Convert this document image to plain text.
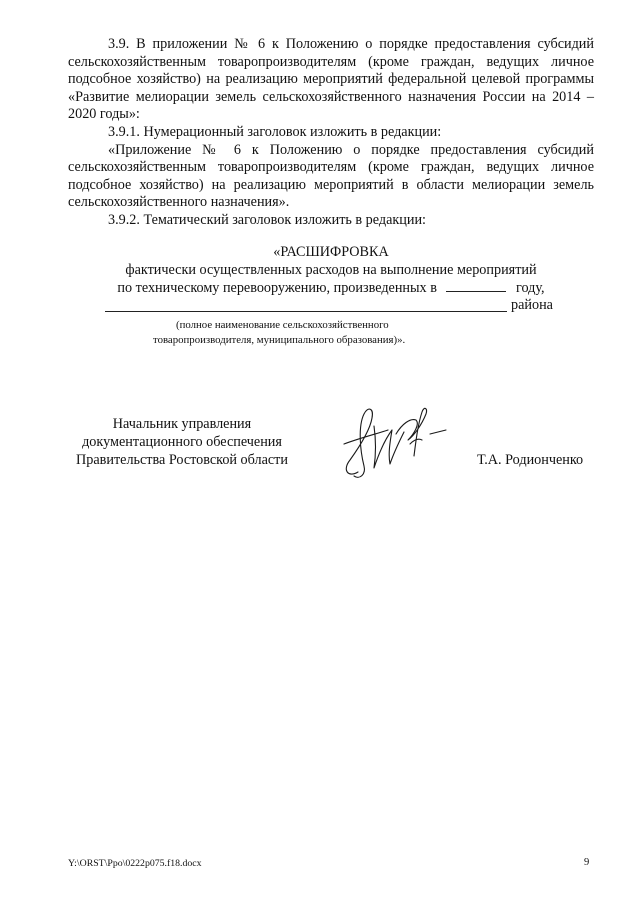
3.9. В приложении № 6 к Положению о порядке предоставления субсидий сельскохозяйственным товаропроизводителям (кроме граждан, ведущих личное подсобное хозяйство) на реализацию мероприятий федеральной целевой программы «Развитие мелиорации земель сельскохозяйственного назначения России на 2014 – 2020 годы»:

3.9.1. Нумерационный заголовок изложить в редакции:

«Приложение № 6 к Положению о порядке предоставления субсидий сельскохозяйственным товаропроизводителям (кроме граждан, ведущих личное подсобное хозяйство) на реализацию мероприятий в области мелиорации земель сельскохозяйственного назначения».

3.9.2. Тематический заголовок изложить в редакции:

«РАСШИФРОВКА

фактически осуществленных расходов на выполнение мероприятий

по техническому перевооружению, произведенных в	году,

района
(полное наименование сельскохозяйственного
товаропроизводителя, муниципального образования)».
Начальник управления
документационного обеспечения
Правительства Ростовской области	Т.А. Родионченко
Y:\ORST\Ppo\0222p075.f18.docx	9
